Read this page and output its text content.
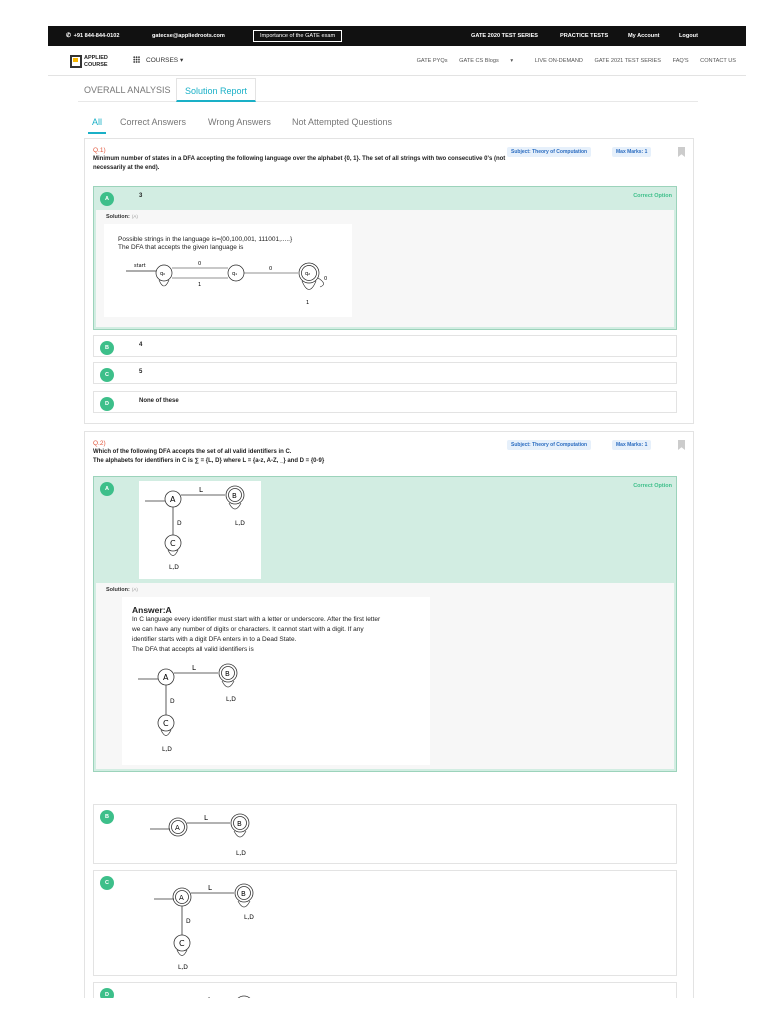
✆ +91 844-844-0102	gatecse@appliedroots.com	Importance of the GATE exam	GATE 2020 TEST SERIES	PRACTICE TESTS	My Account	Logout
APPLIED
COURSE
COURSES ▾	GATE PYQs GATE CS Blogs ▾	LIVE ON-DEMAND GATE 2021 TEST SERIES FAQ'S CONTACT US
OVERALL ANALYSIS	Solution Report
All	Correct Answers Wrong Answers Not Attempted Questions
Q.1)
Minimum number of states in a DFA accepting the following language over the alphabet {0, 1}. The set of all strings with two consecutive 0's (not necessarily at the end).
Subject: Theory of Computation	Max Marks: 1
A	3	Correct Option
Solution: (A)
Possible strings in the language is={00,100,001, 111001,.....}
The DFA that accepts the given language is
start
q₀
0
1
q₁
0
q₂
1
0
B	4
C	5
D	None of these
Q.2)
Which of the following DFA accepts the set of all valid identifiers in C.
The alphabets for identifiers in C is ∑ = {L, D} where L = {a-z, A-Z, _} and D = {0-9}
Subject: Theory of Computation	Max Marks: 1
A	Correct Option
A
L
B
L,D
D
C
L,D
Solution: (A)
Answer:A
In C language every identifier must start with a letter or underscore. After the first letter
we can have any number of digits or characters. It cannot start with a digit. If any
identifier starts with a digit DFA enters in to a Dead State.
The DFA that accepts all valid identifiers is
A
L
B
L,D
D
C
L,D
B
A
L
B
L,D
C
A
L
B
L,D
D
C
L,D
D
A
L
B
